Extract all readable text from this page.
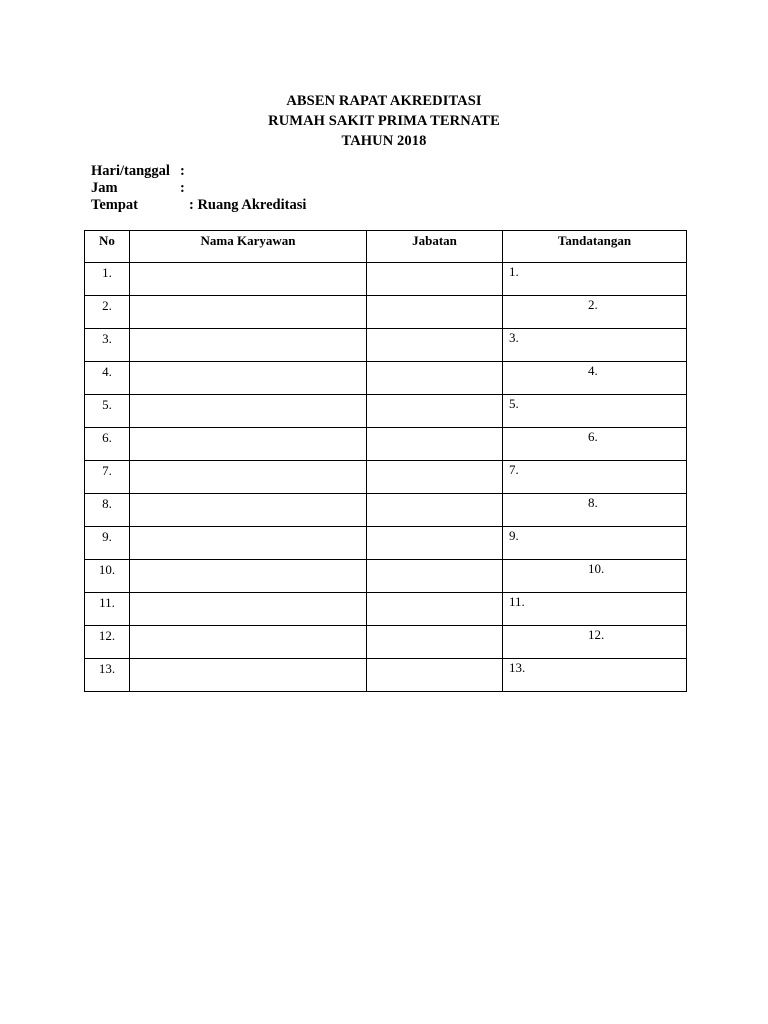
ABSEN RAPAT AKREDITASI
RUMAH SAKIT PRIMA TERNATE
TAHUN 2018
Hari/tanggal :
Jam	:
Tempat	: Ruang Akreditasi
No	Nama Karyawan	Jabatan	Tandatangan
1.			1.

2.			2.

3.			3.

4.			4.

5.			5.

6.			6.

7.			7.

8.			8.

9.			9.

10.			10.

11.			11.

12.			12.

13.			13.
